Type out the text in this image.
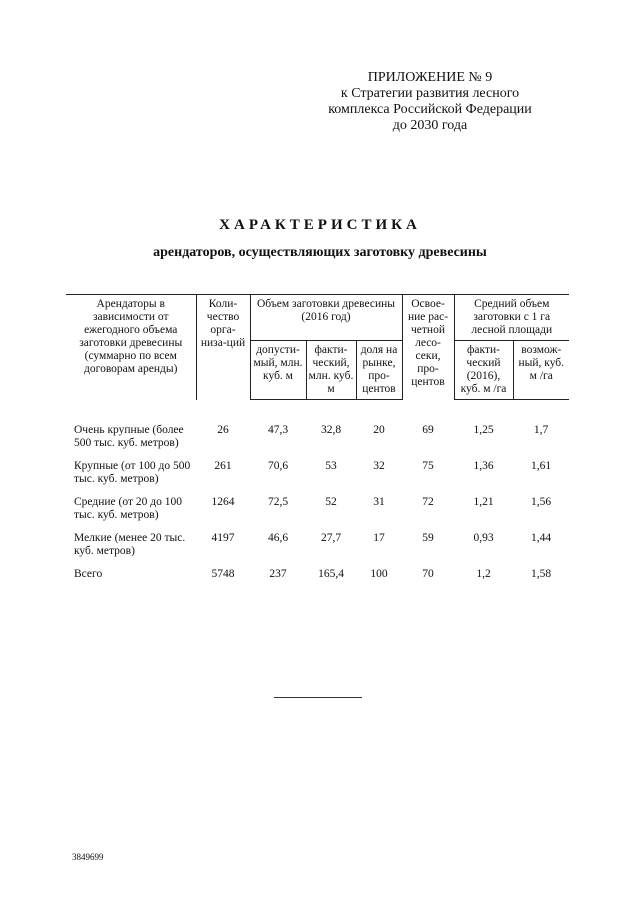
ПРИЛОЖЕНИЕ № 9
к Стратегии развития лесного
комплекса Российской Федерации
до 2030 года
ХАРАКТЕРИСТИКА
арендаторов, осуществляющих заготовку древесины
Арендаторы в зависимости от ежегодного объема заготовки древесины (суммарно по всем договорам аренды)	Коли-чество орга-низа-ций	Объем заготовки древесины (2016 год)			Освое-ние рас-четной лесо-секи, про-центов	Средний объем заготовки с 1 га лесной площади	
		допусти-мый, млн. куб. м	факти-ческий, млн. куб. м	доля на рынке, про-центов		факти-ческий (2016), куб. м /га	возмож-ный, куб. м /га
Очень крупные (более 500 тыс. куб. метров)	26	47,3	32,8	20	69	1,25	1,7
Крупные (от 100 до 500 тыс. куб. метров)	261	70,6	53	32	75	1,36	1,61
Средние (от 20 до 100 тыс. куб. метров)	1264	72,5	52	31	72	1,21	1,56
Мелкие (менее 20 тыс. куб. метров)	4197	46,6	27,7	17	59	0,93	1,44
Всего	5748	237	165,4	100	70	1,2	1,58
3849699
